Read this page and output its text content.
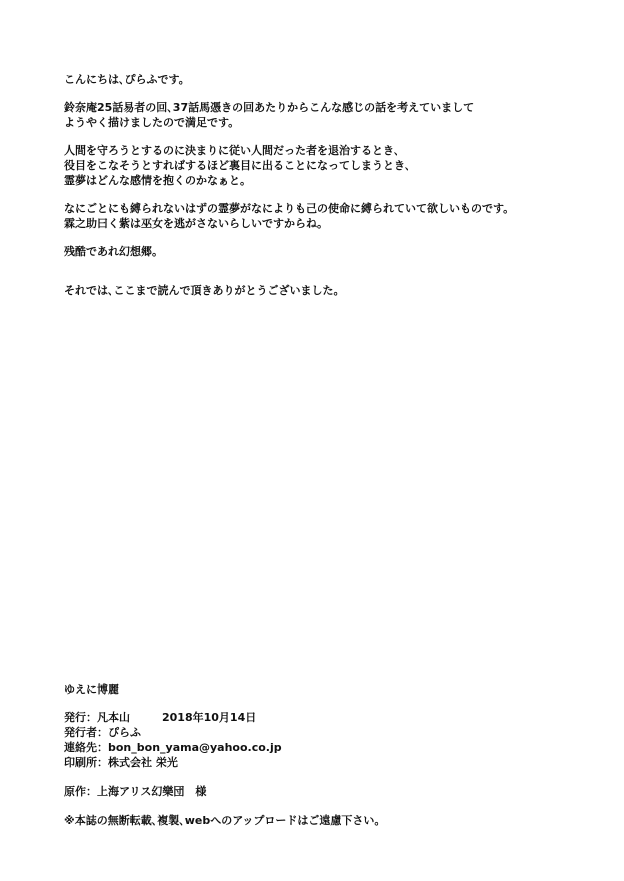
こんにちは､ぴらふです。

鈴奈庵25話易者の回､37話馬憑きの回あたりからこんな感じの話を考えていまして
ようやく描けましたので満足です。

人間を守ろうとするのに決まりに従い人間だった者を退治するとき､
役目をこなそうとすればするほど裏目に出ることになってしまうとき､
霊夢はどんな感情を抱くのかなぁと。

なにごとにも縛られないはずの霊夢がなによりも己の使命に縛られていて欲しいものです。
霖之助曰く紫は巫女を逃がさないらしいですからね。

残酷であれ幻想郷。

それでは､ここまで読んで頂きありがとうございました。
ゆえに博麗
発行：凡本山	2018年10月14日
発行者：ぴらふ
連絡先：bon_bon_yama@yahoo.co.jp
印刷所：株式会社 栄光
原作：上海アリス幻樂団　様
※本誌の無断転載､複製､webへのアップロードはご遠慮下さい。
